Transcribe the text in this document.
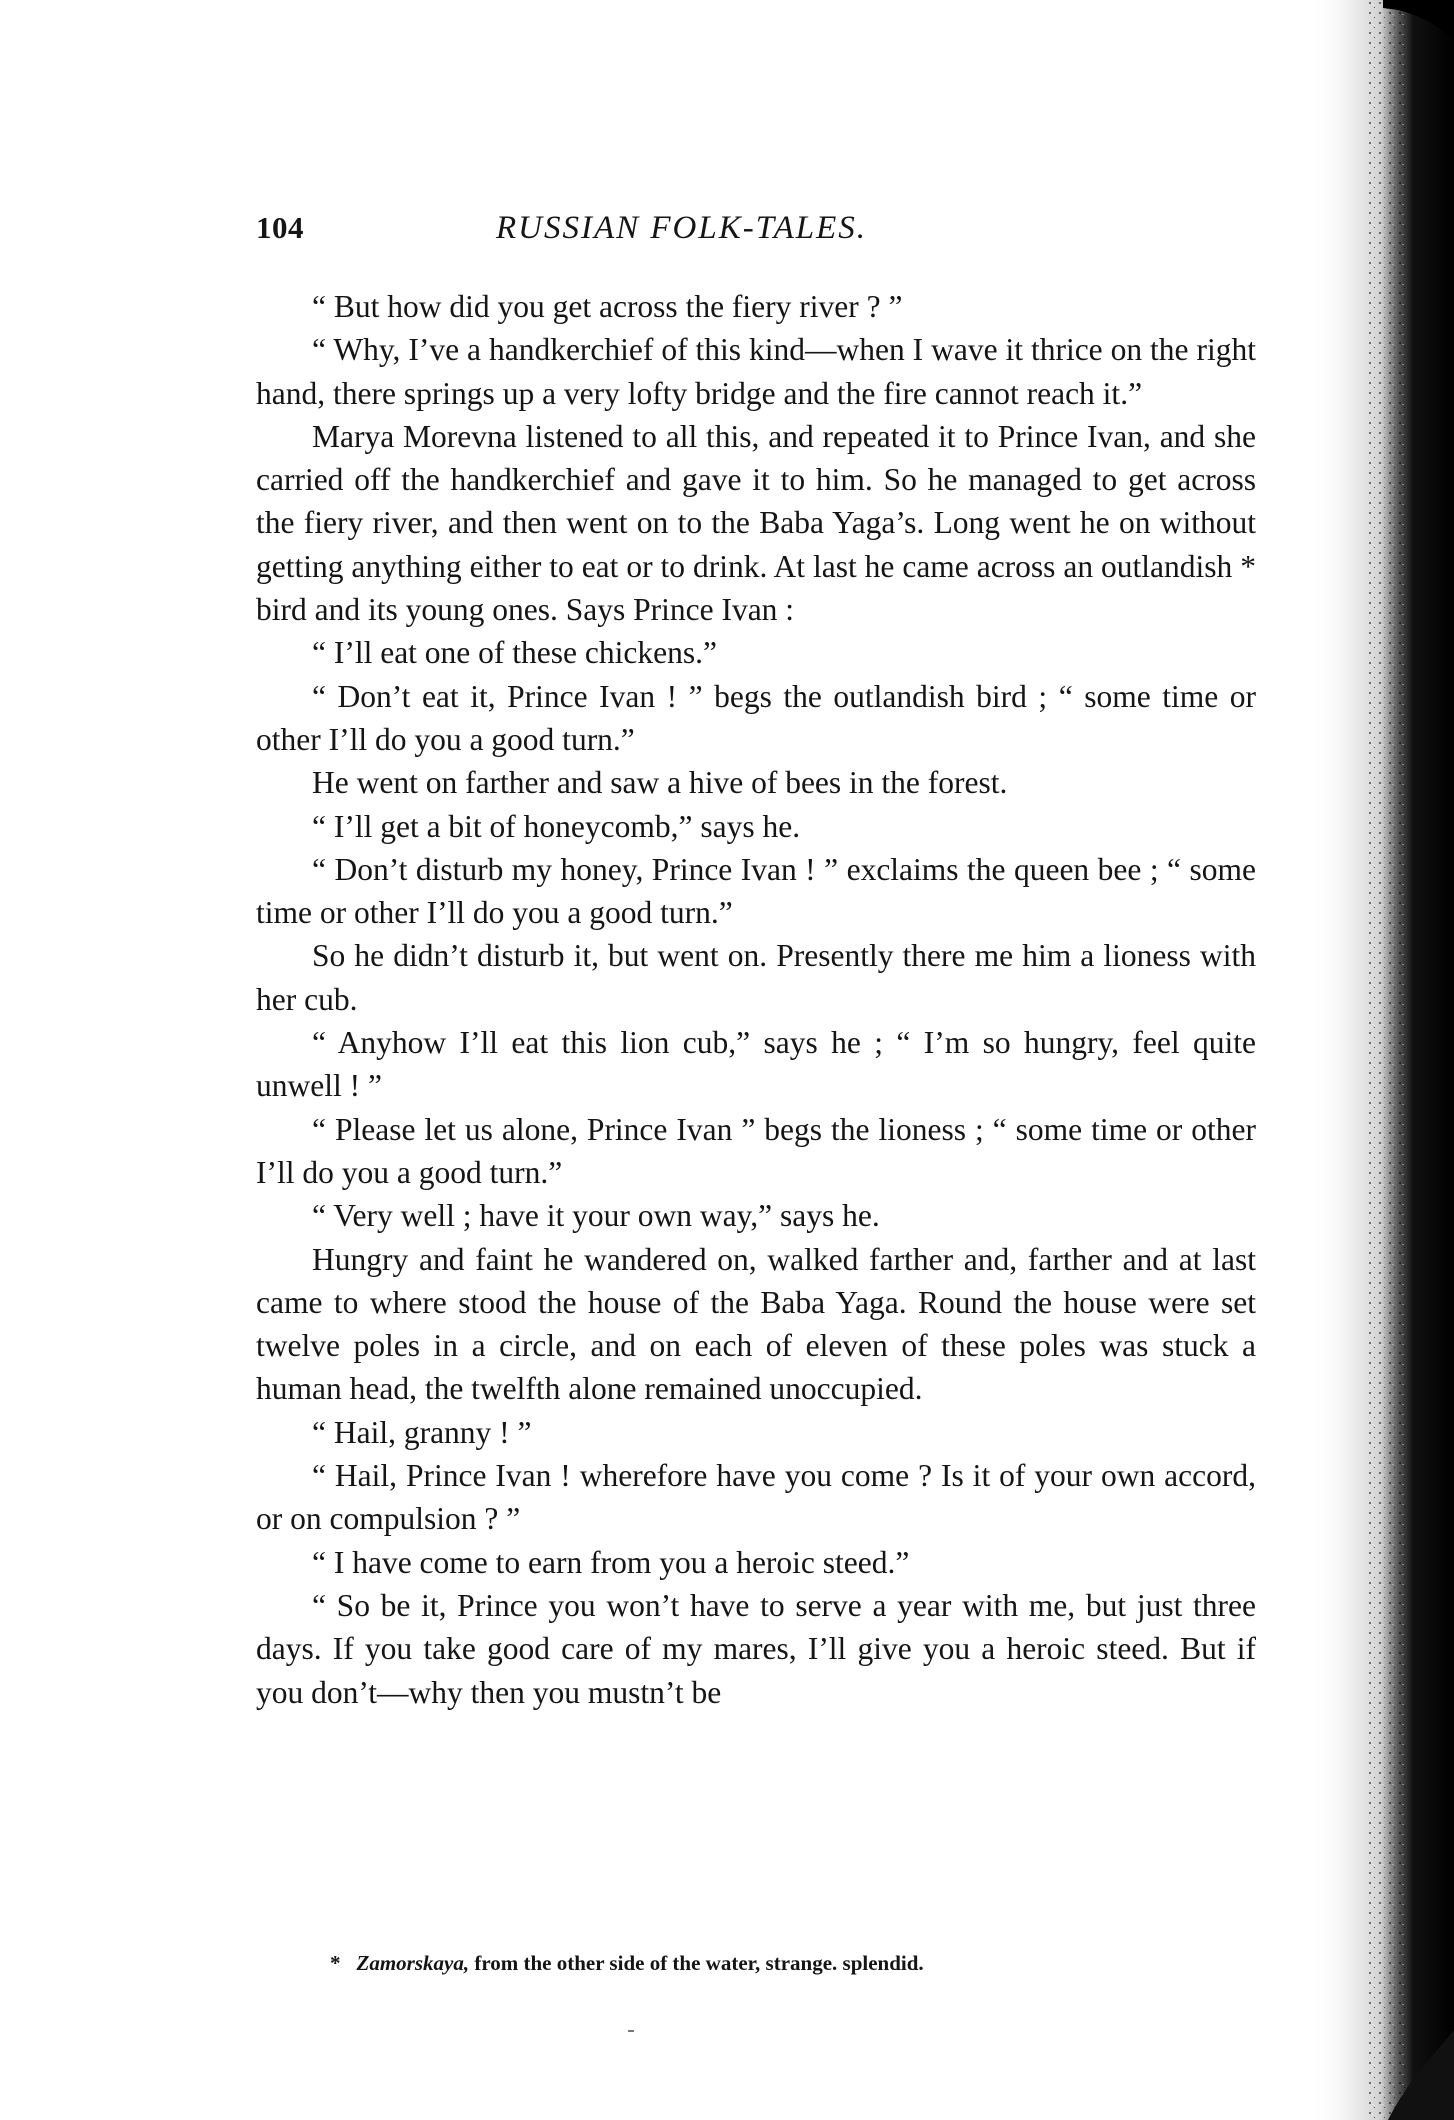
104	RUSSIAN FOLK-TALES.

“ But how did you get across the fiery river ? ”

“ Why, I’ve a handkerchief of this kind—when I wave it thrice on the right hand, there springs up a very lofty bridge and the fire cannot reach it.”

Marya Morevna listened to all this, and repeated it to Prince Ivan, and she carried off the handkerchief and gave it to him. So he managed to get across the fiery river, and then went on to the Baba Yaga’s. Long went he on without getting anything either to eat or to drink. At last he came across an outlandish * bird and its young ones. Says Prince Ivan :

“ I’ll eat one of these chickens.”

“ Don’t eat it, Prince Ivan ! ” begs the outlandish bird ; “ some time or other I’ll do you a good turn.”

He went on farther and saw a hive of bees in the forest.

“ I’ll get a bit of honeycomb,” says he.

“ Don’t disturb my honey, Prince Ivan ! ” exclaims the queen bee ; “ some time or other I’ll do you a good turn.”

So he didn’t disturb it, but went on. Presently there me him a lioness with her cub.

“ Anyhow I’ll eat this lion cub,” says he ; “ I’m so hungry, feel quite unwell ! ”

“ Please let us alone, Prince Ivan ” begs the lioness ; “ some time or other I’ll do you a good turn.”

“ Very well ; have it your own way,” says he.

Hungry and faint he wandered on, walked farther and, farther and at last came to where stood the house of the Baba Yaga. Round the house were set twelve poles in a circle, and on each of eleven of these poles was stuck a human head, the twelfth alone remained unoccupied.

“ Hail, granny ! ”

“ Hail, Prince Ivan ! wherefore have you come ? Is it of your own accord, or on compulsion ? ”

“ I have come to earn from you a heroic steed.”

“ So be it, Prince you won’t have to serve a year with me, but just three days. If you take good care of my mares, I’ll give you a heroic steed. But if you don’t—why then you mustn’t be

* Zamorskaya, from the other side of the water, strange. splendid.
